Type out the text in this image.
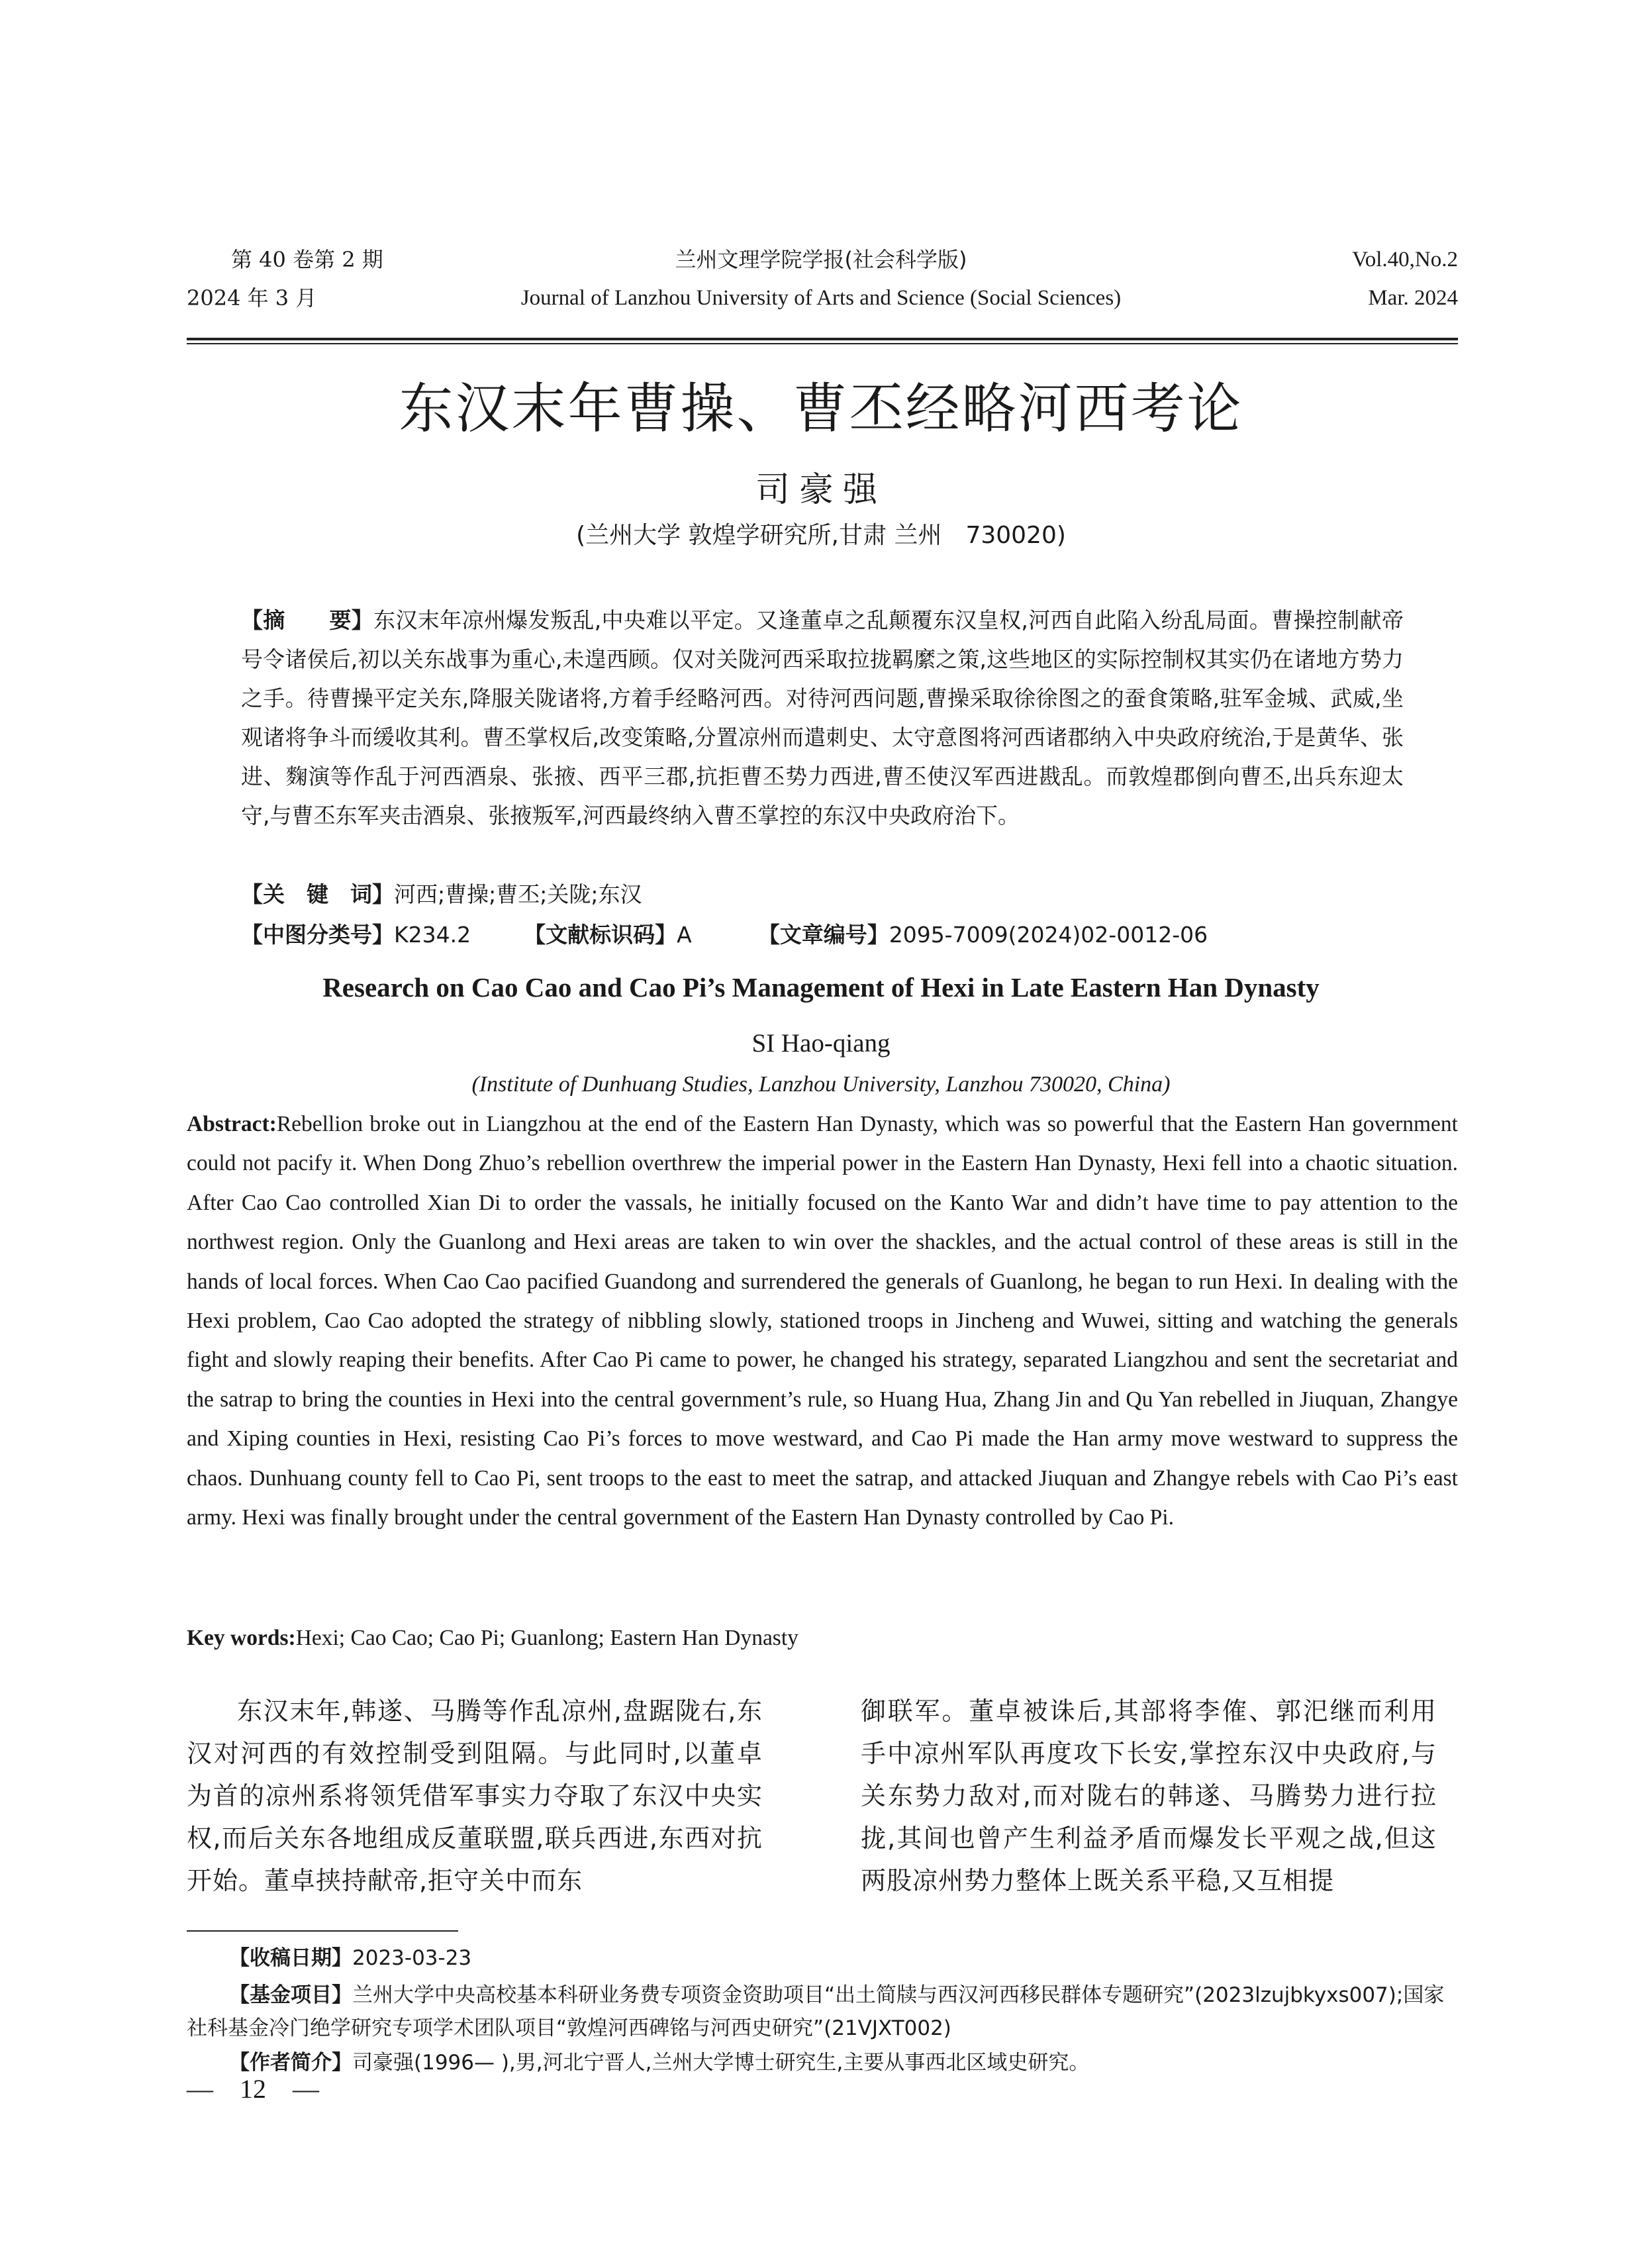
第 40 卷第 2 期
2024 年 3 月
兰州文理学院学报(社会科学版)
Journal of Lanzhou University of Arts and Science (Social Sciences)
Vol.40,No.2
Mar. 2024
东汉末年曹操、曹丕经略河西考论
司豪强
(兰州大学 敦煌学研究所,甘肃 兰州　730020)
【摘　　要】东汉末年凉州爆发叛乱,中央难以平定。又逢董卓之乱颠覆东汉皇权,河西自此陷入纷乱局面。曹操控制献帝号令诸侯后,初以关东战事为重心,未遑西顾。仅对关陇河西采取拉拢羁縻之策,这些地区的实际控制权其实仍在诸地方势力之手。待曹操平定关东,降服关陇诸将,方着手经略河西。对待河西问题,曹操采取徐徐图之的蚕食策略,驻军金城、武威,坐观诸将争斗而缓收其利。曹丕掌权后,改变策略,分置凉州而遣刺史、太守意图将河西诸郡纳入中央政府统治,于是黄华、张进、麴演等作乱于河西酒泉、张掖、西平三郡,抗拒曹丕势力西进,曹丕使汉军西进戡乱。而敦煌郡倒向曹丕,出兵东迎太守,与曹丕东军夹击酒泉、张掖叛军,河西最终纳入曹丕掌控的东汉中央政府治下。
【关　键　词】河西;曹操;曹丕;关陇;东汉
【中图分类号】K234.2 【文献标识码】A	【文章编号】2095-7009(2024)02-0012-06
Research on Cao Cao and Cao Pi’s Management of Hexi in Late Eastern Han Dynasty
SI Hao-qiang
(Institute of Dunhuang Studies, Lanzhou University, Lanzhou 730020, China)
Abstract:Rebellion broke out in Liangzhou at the end of the Eastern Han Dynasty, which was so powerful that the Eastern Han government could not pacify it. When Dong Zhuo’s rebellion overthrew the imperial power in the Eastern Han Dynasty, Hexi fell into a chaotic situation. After Cao Cao controlled Xian Di to order the vassals, he initially focused on the Kanto War and didn’t have time to pay attention to the northwest region. Only the Guanlong and Hexi areas are taken to win over the shackles, and the actual control of these areas is still in the hands of local forces. When Cao Cao pacified Guandong and surrendered the generals of Guanlong, he began to run Hexi. In dealing with the Hexi problem, Cao Cao adopted the strategy of nibbling slowly, stationed troops in Jincheng and Wuwei, sitting and watching the generals fight and slowly reaping their benefits. After Cao Pi came to power, he changed his strategy, separated Liangzhou and sent the secretariat and the satrap to bring the counties in Hexi into the central government’s rule, so Huang Hua, Zhang Jin and Qu Yan rebelled in Jiuquan, Zhangye and Xiping counties in Hexi, resisting Cao Pi’s forces to move westward, and Cao Pi made the Han army move westward to suppress the chaos. Dunhuang county fell to Cao Pi, sent troops to the east to meet the satrap, and attacked Jiuquan and Zhangye rebels with Cao Pi’s east army. Hexi was finally brought under the central government of the Eastern Han Dynasty controlled by Cao Pi.
Key words:Hexi; Cao Cao; Cao Pi; Guanlong; Eastern Han Dynasty
东汉末年,韩遂、马腾等作乱凉州,盘踞陇右,东汉对河西的有效控制受到阻隔。与此同时,以董卓为首的凉州系将领凭借军事实力夺取了东汉中央实权,而后关东各地组成反董联盟,联兵西进,东西对抗开始。董卓挟持献帝,拒守关中而东
御联军。董卓被诛后,其部将李傕、郭汜继而利用手中凉州军队再度攻下长安,掌控东汉中央政府,与关东势力敌对,而对陇右的韩遂、马腾势力进行拉拢,其间也曾产生利益矛盾而爆发长平观之战,但这两股凉州势力整体上既关系平稳,又互相提
【收稿日期】2023-03-23
【基金项目】兰州大学中央高校基本科研业务费专项资金资助项目“出土简牍与西汉河西移民群体专题研究”(2023lzujbkyxs007);国家社科基金冷门绝学研究专项学术团队项目“敦煌河西碑铭与河西史研究”(21VJXT002)
【作者简介】司豪强(1996— ),男,河北宁晋人,兰州大学博士研究生,主要从事西北区域史研究。
—　12　—
